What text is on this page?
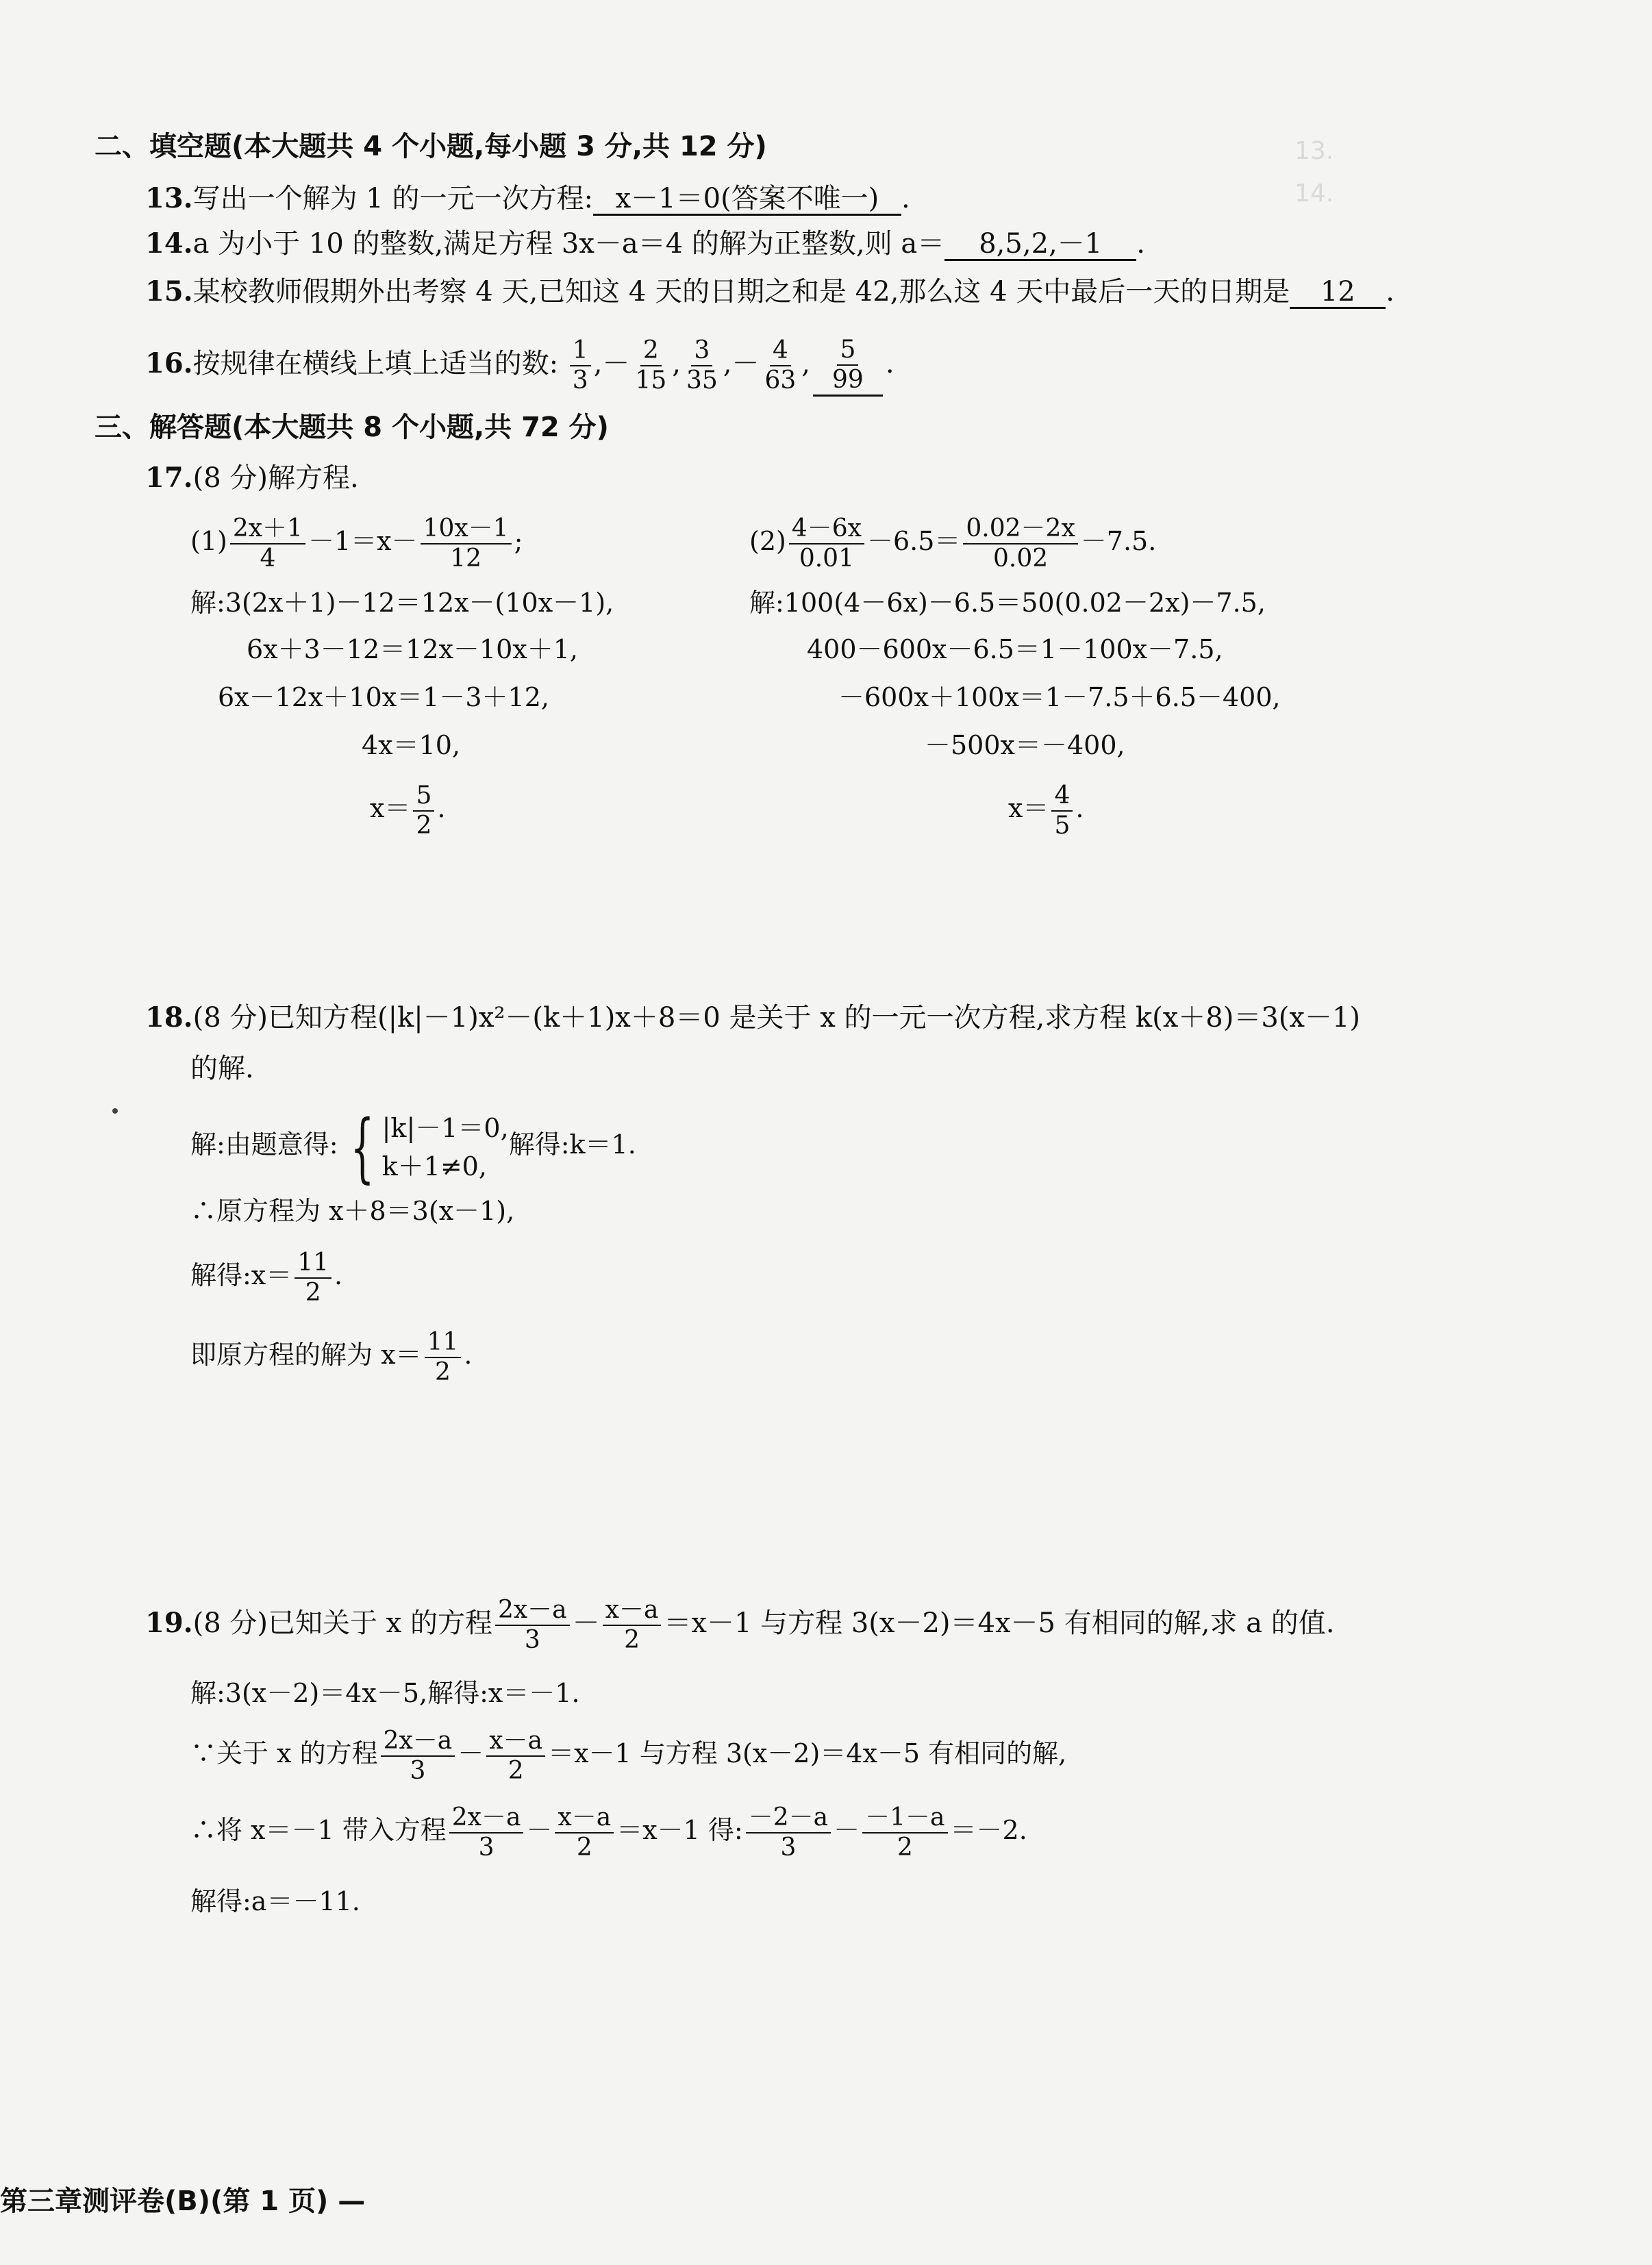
13.
14.
二、填空题(本大题共 4 个小题,每小题 3 分,共 12 分)
13.写出一个解为 1 的一元一次方程: x－1＝0(答案不唯一) .
14.a 为小于 10 的整数,满足方程 3x－a＝4 的解为正整数,则 a＝ 8,5,2,－1 .
15.某校教师假期外出考察 4 天,已知这 4 天的日期之和是 42,那么这 4 天中最后一天的日期是 12 .
16.按规律在横线上填上适当的数: $\frac{1}{3}$ ,－ $\frac{2}{15}$ , $\frac{3}{35}$ ,－ $\frac{4}{63}$ , $\frac{5}{99}$ .
三、解答题(本大题共 8 个小题,共 72 分)
17.(8 分)解方程.
$(1) \frac{2x+1}{4} -1=x- \frac{10x-1}{12}$ ;
解:3(2x＋1)－12＝12x－(10x－1),
6x＋3－12＝12x－10x＋1,
6x－12x＋10x＝1－3＋12,
4x＝10,
$x= \frac{5}{2}$ .
$(2) \frac{4-6x}{0.01} -6.5= \frac{0.02-2x}{0.02} -7.5$.
解:100(4－6x)－6.5＝50(0.02－2x)－7.5,
400－600x－6.5＝1－100x－7.5,
－600x＋100x＝1－7.5＋6.5－400,
－500x＝－400,
$x= \frac{4}{5}$ .
18.(8 分)已知方程(|k|－1)x²－(k＋1)x＋8＝0 是关于 x 的一元一次方程,求方程 k(x＋8)＝3(x－1)
的解.
解:由题意得: { |k|－1＝0,
k＋1≠0,
解得:k＝1.
∴原方程为 x＋8＝3(x－1),
解得:x＝ $\frac{11}{2}$ .
即原方程的解为 $x= \frac{11}{2}$ .
19.(8 分)已知关于 x 的方程 $\frac{2x-a}{3} - \frac{x-a}{2} =x-1$ 与方程 3(x－2)＝4x－5 有相同的解,求 a 的值.
解:3(x－2)＝4x－5,解得:x＝－1.
∵关于 x 的方程 $\frac{2x-a}{3} - \frac{x-a}{2} =x-1$ 与方程 3(x－2)＝4x－5 有相同的解,
∴将 x＝－1 带入方程 $\frac{2x-a}{3} - \frac{x-a}{2} =x-1$ 得: $\frac{-2-a}{3} - \frac{-1-a}{2} =-2$.
解得:a＝－11.
第三章测评卷(B)(第 1 页) —
